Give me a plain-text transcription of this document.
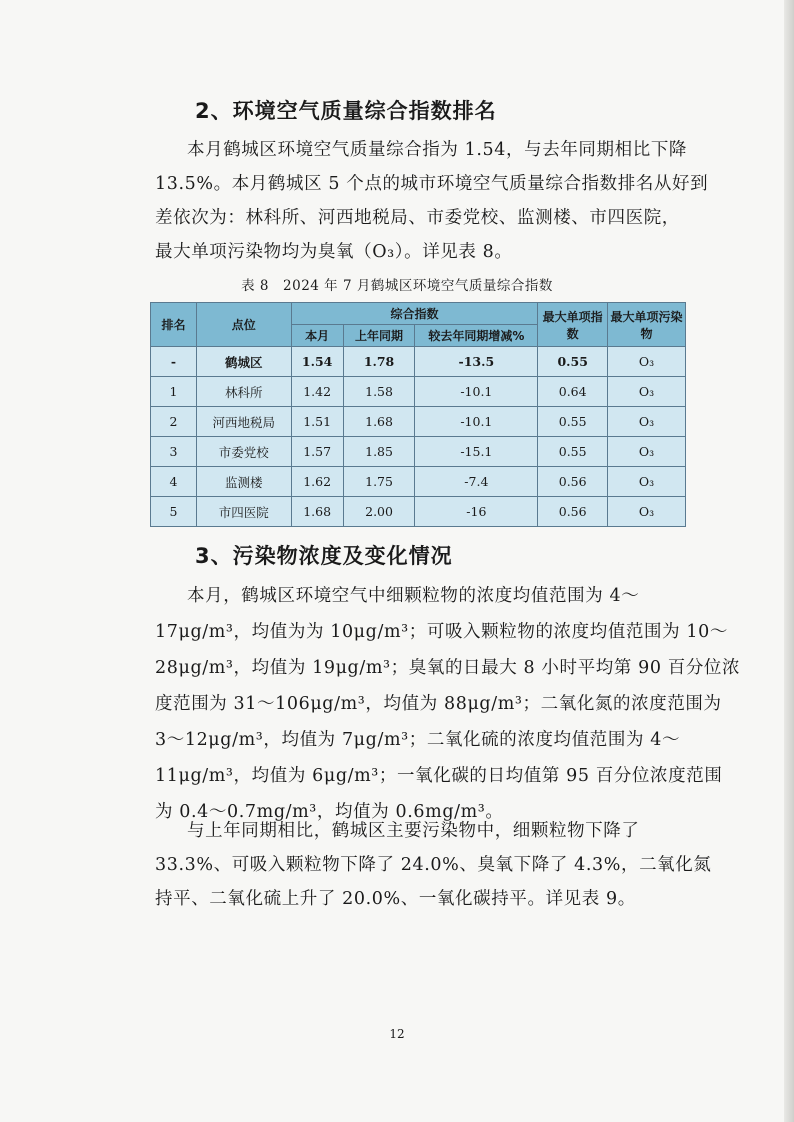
2、环境空气质量综合指数排名
本月鹤城区环境空气质量综合指为 1.54，与去年同期相比下降
13.5%。本月鹤城区 5 个点的城市环境空气质量综合指数排名从好到
差依次为：林科所、河西地税局、市委党校、监测楼、市四医院，
最大单项污染物均为臭氧（O₃）。详见表 8。
表 8　2024 年 7 月鹤城区环境空气质量综合指数
排名	点位	综合指数			最大单项指数	最大单项污染物
		本月	上年同期	较去年同期增减%		
-	鹤城区	1.54	1.78	-13.5	0.55	O₃
1	林科所	1.42	1.58	-10.1	0.64	O₃
2	河西地税局	1.51	1.68	-10.1	0.55	O₃
3	市委党校	1.57	1.85	-15.1	0.55	O₃
4	监测楼	1.62	1.75	-7.4	0.56	O₃
5	市四医院	1.68	2.00	-16	0.56	O₃
3、污染物浓度及变化情况
本月，鹤城区环境空气中细颗粒物的浓度均值范围为 4～
17μg/m³，均值为为 10μg/m³；可吸入颗粒物的浓度均值范围为 10～
28μg/m³，均值为 19μg/m³；臭氧的日最大 8 小时平均第 90 百分位浓
度范围为 31～106μg/m³，均值为 88μg/m³；二氧化氮的浓度范围为
3～12μg/m³，均值为 7μg/m³；二氧化硫的浓度均值范围为 4～
11μg/m³，均值为 6μg/m³；一氧化碳的日均值第 95 百分位浓度范围
为 0.4～0.7mg/m³，均值为 0.6mg/m³。
与上年同期相比，鹤城区主要污染物中，细颗粒物下降了
33.3%、可吸入颗粒物下降了 24.0%、臭氧下降了 4.3%，二氧化氮
持平、二氧化硫上升了 20.0%、一氧化碳持平。详见表 9。
12
